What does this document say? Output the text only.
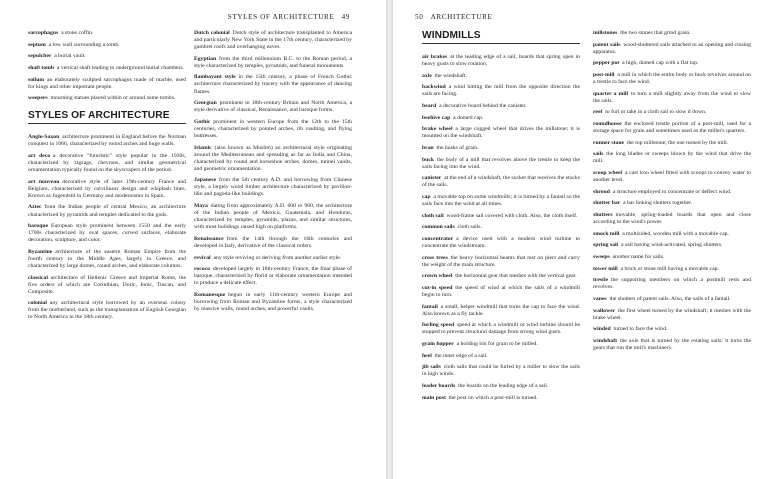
STYLES OF ARCHITECTURE 49

sarcophagus  a stone coffin.

septum  a low wall surrounding a tomb.

sepulcher  a burial vault.

shaft tomb  a vertical shaft leading to underground burial chambers.

solium  an elaborately sculpted sarcophagus made of marble, used for kings and other important people.

weepers  mourning statues placed within or around some tombs.

STYLES OF ARCHITECTURE

Anglo-Saxon  architecture prominent in England before the Norman conquest in 1066, characterized by round arches and huge walls.

art deco  a decorative "futuristic" style popular in the 1930s, characterized by zigzags, chevrons, and similar geometrical ornamentation typically found on the skyscrapers of the period.

art nouveau  decorative style of later 19th-century France and Belgium, characterized by curvilinear design and whiplash lines. Known as Jugendstil in Germany and modernismo in Spain.

Aztec  from the Indian people of central Mexico, an architecture characterized by pyramids and temples dedicated to the gods.

baroque  European style prominent between 1550 and the early 1700s characterized by oval spaces, curved surfaces, elaborate decoration, sculpture, and color.

Byzantine  architecture of the eastern Roman Empire from the fourth century to the Middle Ages, largely in Greece, and characterized by large domes, round arches, and elaborate columns.

classical  architecture of Hellenic Greece and imperial Rome, the five orders of which are Corinthian, Doric, Ionic, Tuscan, and Composite.

colonial  any architectural style borrowed by an overseas colony from the motherland, such as the transplantation of English Georgian to North America in the 18th century.

Dutch colonial  Dutch style of architecture transplanted to America and particularly New York State in the 17th century, characterized by gambrel roofs and overhanging eaves.

Egyptian  from the third millennium B.C. to the Roman period, a style characterized by temples, pyramids, and funeral monuments.

flamboyant style  in the 15th century, a phase of French Gothic architecture characterized by tracery with the appearance of dancing flames.

Georgian  prominent in 18th-century Britain and North America, a style derivative of classical, Renaissance, and baroque forms.

Gothic  prominent in western Europe from the 12th to the 15th centuries, characterized by pointed arches, rib vaulting, and flying buttresses.

Islamic  (also known as Muslim) an architectural style originating around the Mediterranean and spreading as far as India and China, characterized by round and horseshoe arches, domes, tunnel vaults, and geometric ornamentation.

Japanese  from the 5th century A.D. and borrowing from Chinese style, a largely wood timber architecture characterized by pavilion-like and pagoda-like buildings.

Maya  dating from approximately A.D. 600 to 900, the architecture of the Indian people of Mexico, Guatemala, and Honduras, characterized by temples, pyramids, plazas, and similar structures, with most buildings raised high on platforms.

Renaissance  from the 14th through the 16th centuries and developed in Italy, derivative of the classical orders.

revival  any style reviving or deriving from another earlier style.

rococo  developed largely in 18th-century France, the final phase of baroque, characterized by florid or elaborate ornamentation intended to produce a delicate effect.

Romanesque  begun in early 11th-century western Europe and borrowing from Roman and Byzantine forms, a style characterized by massive walls, round arches, and powerful vaults.

50 ARCHITECTURE
WINDMILLS

air brakes  at the leading edge of a sail, boards that spring open in heavy gusts to slow rotation.

axle  the windshaft.

backwind  a wind hitting the mill from the opposite direction the sails are facing.

beard  a decorative board behind the canister.

beehive cap  a domed cap.

brake wheel  a large cogged wheel that drives the millstone; it is mounted on the windshaft.

bran  the husks of grain.

buck  the body of a mill that revolves above the trestle to keep the sails facing into the wind.

canister  at the end of a windshaft, the socket that receives the stocks of the sails.

cap  a movable top on some windmills; it is turned by a fantail so the sails face into the wind at all times.

cloth sail  wood-frame sail covered with cloth. Also, the cloth itself.

common sails  cloth sails.

concentrator  a device used with a modern wind turbine to concentrate the windstream.

cross trees  the heavy horizontal beams that rest on piers and carry the weight of the main structure.

crown wheel  the horizontal gear that meshes with the vertical gear.

cut-in speed  the speed of wind at which the sails of a windmill begin to turn.

fantail  a small, helper windmill that turns the cap to face the wind. Also known as a fly tackle.

furling speed  speed at which a windmill or wind turbine should be stopped to prevent structural damage from strong wind gusts.

grain hopper  a holding bin for grain to be milled.

heel  the inner edge of a sail.

jib sails  cloth sails that could be furled by a miller to slow the sails in high winds.

leader boards  the boards on the leading edge of a sail.

main post  the post on which a post-mill is turned.

millstones  the two stones that grind grain.

patent sails  wood-shuttered sails attached to an opening and closing apparatus.

pepper pot  a high, domed cap with a flat top.

post-mill  a mill in which the entire body or buck revolves around on a trestle to face the wind.

quarter a mill  to turn a mill slightly away from the wind to slow the sails.

reef  to furl or take in a cloth sail to slow it down.

roundhouse  the enclosed trestle portion of a post-mill, used for a storage space for grain and sometimes used as the miller's quarters.

runner stone  the top millstone; the one turned by the mill.

sails  the long blades or sweeps blown by the wind that drive the mill.

scoop wheel  a cast iron wheel fitted with scoops to convey water to another level.

shroud  a structure employed to concentrate or deflect wind.

shutter bar  a bar linking shutters together.

shutters  movable, spring-loaded boards that open and close according to the wind's power.

smock mill  a multisided, wooden mill with a movable cap.

spring sail  a sail having wind-activated, spring shutters.

sweeps  another name for sails.

tower mill  a brick or stone mill having a movable cap.

trestle  the supporting members on which a postmill rests and revolves.

vanes  the shutters of patent sails. Also, the sails of a fantail.

wallower  the first wheel turned by the windshaft; it meshes with the brake wheel.

winded  turned to face the wind.

windshaft  the axle that is turned by the rotating sails; it turns the gears that run the mill's machinery.
